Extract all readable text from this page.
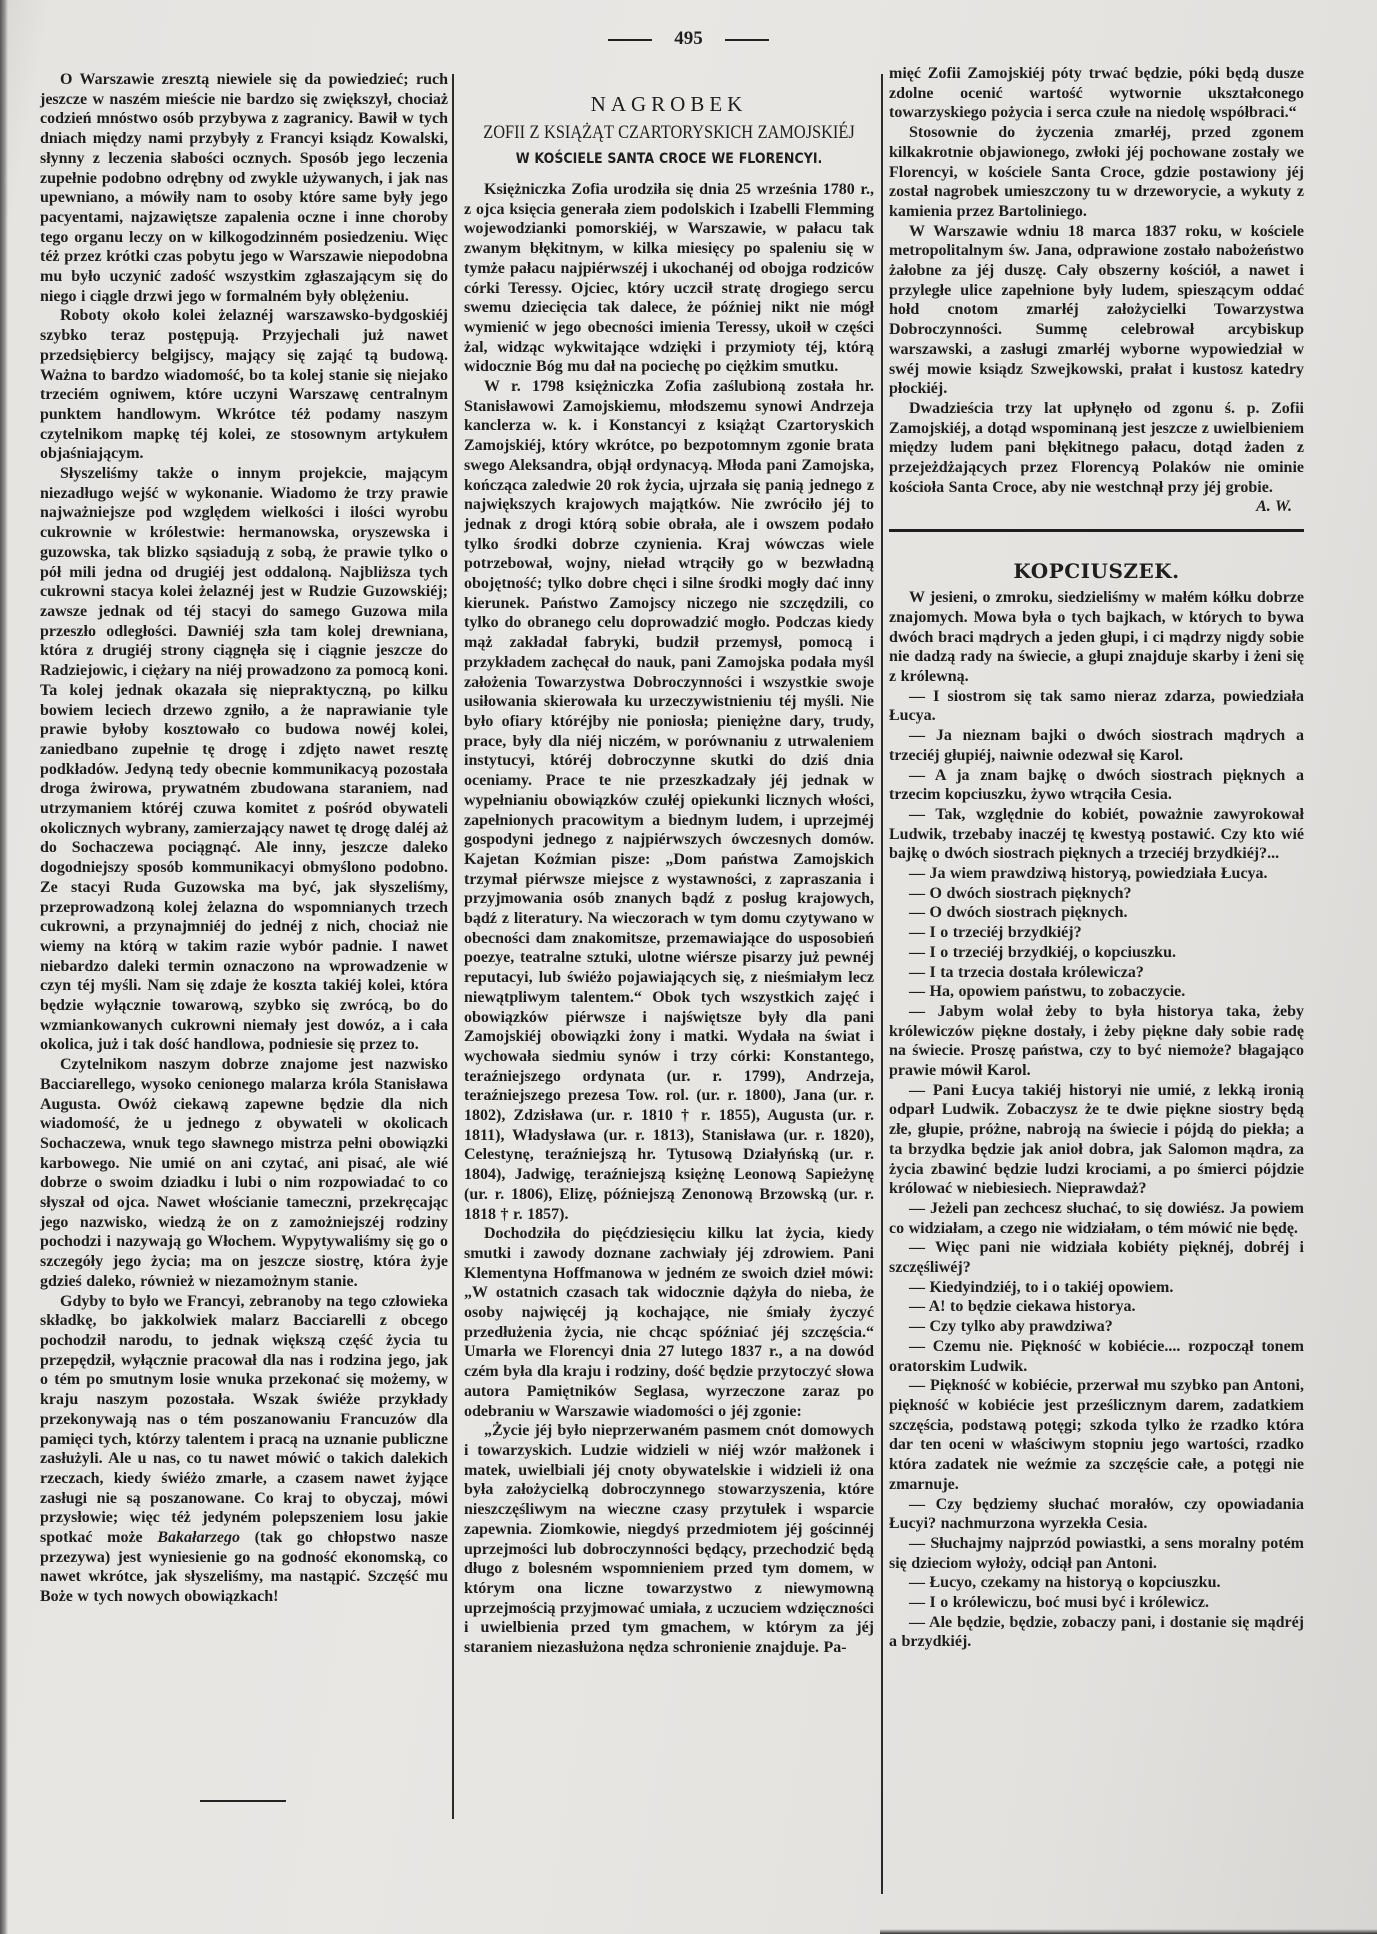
495

O Warszawie zresztą niewiele się da powiedzieć; ruch jeszcze w naszém mieście nie bardzo się zwiększył, chociaż codzień mnóstwo osób przybywa z zagranicy. Bawił w tych dniach między nami przybyły z Francyi ksiądz Kowalski, słynny z leczenia słabości ocznych. Sposób jego leczenia zupełnie podobno odrębny od zwykle używanych, i jak nas upewniano, a mówiły nam to osoby które same były jego pacyentami, najzawiętsze zapalenia oczne i inne choroby tego organu leczy on w kilkogodzinném posiedzeniu. Więc téż przez krótki czas pobytu jego w Warszawie niepodobna mu było uczynić zadość wszystkim zgłaszającym się do niego i ciągle drzwi jego w formalném były oblężeniu.

Roboty około kolei żelaznéj warszawsko-bydgoskiéj szybko teraz postępują. Przyjechali już nawet przedsiębiercy belgijscy, mający się zająć tą budową. Ważna to bardzo wiadomość, bo ta kolej stanie się niejako trzeciém ogniwem, które uczyni Warszawę centralnym punktem handlowym. Wkrótce téż podamy naszym czytelnikom mapkę téj kolei, ze stosownym artykułem objaśniającym.

Słyszeliśmy także o innym projekcie, mającym niezadługo wejść w wykonanie. Wiadomo że trzy prawie najważniejsze pod względem wielkości i ilości wyrobu cukrownie w królestwie: hermanowska, oryszewska i guzowska, tak blizko sąsiadują z sobą, że prawie tylko o pół mili jedna od drugiéj jest oddaloną. Najbliższa tych cukrowni stacya kolei żelaznéj jest w Rudzie Guzowskiéj; zawsze jednak od téj stacyi do samego Guzowa mila przeszło odległości. Dawniéj szła tam kolej drewniana, która z drugiéj strony ciągnęła się i ciągnie jeszcze do Radziejowic, i ciężary na niéj prowadzono za pomocą koni. Ta kolej jednak okazała się niepraktyczną, po kilku bowiem leciech drzewo zgniło, a że naprawianie tyle prawie byłoby kosztowało co budowa nowéj kolei, zaniedbano zupełnie tę drogę i zdjęto nawet resztę podkładów. Jedyną tedy obecnie kommunikacyą pozostała droga żwirowa, prywatném zbudowana staraniem, nad utrzymaniem któréj czuwa komitet z pośród obywateli okolicznych wybrany, zamierzający nawet tę drogę daléj aż do Sochaczewa pociągnąć. Ale inny, jeszcze daleko dogodniejszy sposób kommunikacyi obmyślono podobno. Ze stacyi Ruda Guzowska ma być, jak słyszeliśmy, przeprowadzoną kolej żelazna do wspomnianych trzech cukrowni, a przynajmniéj do jednéj z nich, chociaż nie wiemy na którą w takim razie wybór padnie. I nawet niebardzo daleki termin oznaczono na wprowadzenie w czyn téj myśli. Nam się zdaje że koszta takiéj kolei, która będzie wyłącznie towarową, szybko się zwrócą, bo do wzmiankowanych cukrowni niemały jest dowóz, a i cała okolica, już i tak dość handlowa, podniesie się przez to.

Czytelnikom naszym dobrze znajome jest nazwisko Bacciarellego, wysoko cenionego malarza króla Stanisława Augusta. Owóż ciekawą zapewne będzie dla nich wiadomość, że u jednego z obywateli w okolicach Sochaczewa, wnuk tego sławnego mistrza pełni obowiązki karbowego. Nie umié on ani czytać, ani pisać, ale wié dobrze o swoim dziadku i lubi o nim rozpowiadać to co słyszał od ojca. Nawet włościanie tameczni, przekręcając jego nazwisko, wiedzą że on z zamożniejszéj rodziny pochodzi i nazywają go Włochem. Wypytywaliśmy się go o szczegóły jego życia; ma on jeszcze siostrę, która żyje gdzieś daleko, również w niezamożnym stanie.

Gdyby to było we Francyi, zebranoby na tego człowieka składkę, bo jakkolwiek malarz Bacciarelli z obcego pochodził narodu, to jednak większą część życia tu przepędził, wyłącznie pracował dla nas i rodzina jego, jak o tém po smutnym losie wnuka przekonać się możemy, w kraju naszym pozostała. Wszak świéże przykłady przekonywają nas o tém poszanowaniu Francuzów dla pamięci tych, którzy talentem i pracą na uznanie publiczne zasłużyli. Ale u nas, co tu nawet mówić o takich dalekich rzeczach, kiedy świéżo zmarłe, a czasem nawet żyjące zasługi nie są poszanowane. Co kraj to obyczaj, mówi przysłowie; więc téż jedyném polepszeniem losu jakie spotkać może Bakałarzego (tak go chłopstwo nasze przezywa) jest wyniesienie go na godność ekonomską, co nawet wkrótce, jak słyszeliśmy, ma nastąpić. Szczęść mu Boże w tych nowych obowiązkach!

NAGROBEK
ZOFII Z KSIĄŻĄT CZARTORYSKICH ZAMOJSKIÉJ
W KOŚCIELE SANTA CROCE WE FLORENCYI.

Księżniczka Zofia urodziła się dnia 25 września 1780 r., z ojca księcia generała ziem podolskich i Izabelli Flemming wojewodzianki pomorskiéj, w Warszawie, w pałacu tak zwanym błękitnym, w kilka miesięcy po spaleniu się w tymże pałacu najpiérwszéj i ukochanéj od obojga rodziców córki Teressy. Ojciec, który uczcił stratę drogiego sercu swemu dziecięcia tak dalece, że później nikt nie mógł wymienić w jego obecności imienia Teressy, ukoił w części żal, widząc wykwitające wdzięki i przymioty téj, którą widocznie Bóg mu dał na pociechę po ciężkim smutku.

W r. 1798 księżniczka Zofia zaślubioną została hr. Stanisławowi Zamojskiemu, młodszemu synowi Andrzeja kanclerza w. k. i Konstancyi z książąt Czartoryskich Zamojskiéj, który wkrótce, po bezpotomnym zgonie brata swego Aleksandra, objął ordynacyą. Młoda pani Zamojska, kończąca zaledwie 20 rok życia, ujrzała się panią jednego z największych krajowych majątków. Nie zwróciło jéj to jednak z drogi którą sobie obrała, ale i owszem podało tylko środki dobrze czynienia. Kraj wówczas wiele potrzebował, wojny, nieład wtrąciły go w bezwładną obojętność; tylko dobre chęci i silne środki mogły dać inny kierunek. Państwo Zamojscy niczego nie szczędzili, co tylko do obranego celu doprowadzić mogło. Podczas kiedy mąż zakładał fabryki, budził przemysł, pomocą i przykładem zachęcał do nauk, pani Zamojska podała myśl założenia Towarzystwa Dobroczynności i wszystkie swoje usiłowania skierowała ku urzeczywistnieniu téj myśli. Nie było ofiary któréjby nie poniosła; pieniężne dary, trudy, prace, były dla niéj niczém, w porównaniu z utrwaleniem instytucyi, któréj dobroczynne skutki do dziś dnia oceniamy. Prace te nie przeszkadzały jéj jednak w wypełnianiu obowiązków czułéj opiekunki licznych włości, zapełnionych pracowitym a biednym ludem, i uprzejméj gospodyni jednego z najpiérwszych ówczesnych domów. Kajetan Koźmian pisze: „Dom państwa Zamojskich trzymał piérwsze miejsce z wystawności, z zapraszania i przyjmowania osób znanych bądź z posług krajowych, bądź z literatury. Na wieczorach w tym domu czytywano w obecności dam znakomitsze, przemawiające do usposobień poezye, teatralne sztuki, ulotne wiérsze pisarzy już pewnéj reputacyi, lub świéżo pojawiających się, z nieśmiałym lecz niewątpliwym talentem.“ Obok tych wszystkich zajęć i obowiązków piérwsze i najświętsze były dla pani Zamojskiéj obowiązki żony i matki. Wydała na świat i wychowała siedmiu synów i trzy córki: Konstantego, teraźniejszego ordynata (ur. r. 1799), Andrzeja, teraźniejszego prezesa Tow. rol. (ur. r. 1800), Jana (ur. r. 1802), Zdzisława (ur. r. 1810 † r. 1855), Augusta (ur. r. 1811), Władysława (ur. r. 1813), Stanisława (ur. r. 1820), Celestynę, teraźniejszą hr. Tytusową Działyńską (ur. r. 1804), Jadwigę, teraźniejszą księżnę Leonową Sapieżynę (ur. r. 1806), Elizę, późniejszą Zenonową Brzowską (ur. r. 1818 † r. 1857).

Dochodziła do pięćdziesięciu kilku lat życia, kiedy smutki i zawody doznane zachwiały jéj zdrowiem. Pani Klementyna Hoffmanowa w jedném ze swoich dzieł mówi: „W ostatnich czasach tak widocznie dążyła do nieba, że osoby najwięcéj ją kochające, nie śmiały życzyć przedłużenia życia, nie chcąc spóźniać jéj szczęścia.“ Umarła we Florencyi dnia 27 lutego 1837 r., a na dowód czém była dla kraju i rodziny, dość będzie przytoczyć słowa autora Pamiętników Seglasa, wyrzeczone zaraz po odebraniu w Warszawie wiadomości o jéj zgonie:

„Życie jéj było nieprzerwaném pasmem cnót domowych i towarzyskich. Ludzie widzieli w niéj wzór małżonek i matek, uwielbiali jéj cnoty obywatelskie i widzieli iż ona była założycielką dobroczynnego stowarzyszenia, które nieszczęśliwym na wieczne czasy przytułek i wsparcie zapewnia. Ziomkowie, niegdyś przedmiotem jéj gościnnéj uprzejmości lub dobroczynności będący, przechodzić będą długo z bolesném wspomnieniem przed tym domem, w którym ona liczne towarzystwo z niewymowną uprzejmością przyjmować umiała, z uczuciem wdzięczności i uwielbienia przed tym gmachem, w którym za jéj staraniem niezasłużona nędza schronienie znajduje. Pa-

mięć Zofii Zamojskiéj póty trwać będzie, póki będą dusze zdolne ocenić wartość wytwornie ukształconego towarzyskiego pożycia i serca czułe na niedolę współbraci.“

Stosownie do życzenia zmarłéj, przed zgonem kilkakrotnie objawionego, zwłoki jéj pochowane zostały we Florencyi, w kościele Santa Croce, gdzie postawiony jéj został nagrobek umieszczony tu w drzeworycie, a wykuty z kamienia przez Bartoliniego.

W Warszawie wdniu 18 marca 1837 roku, w kościele metropolitalnym św. Jana, odprawione zostało nabożeństwo żałobne za jéj duszę. Cały obszerny kościół, a nawet i przyległe ulice zapełnione były ludem, spieszącym oddać hołd cnotom zmarłéj założycielki Towarzystwa Dobroczynności. Summę celebrował arcybiskup warszawski, a zasługi zmarłéj wyborne wypowiedział w swéj mowie ksiądz Szwejkowski, prałat i kustosz katedry płockiéj.

Dwadzieścia trzy lat upłynęło od zgonu ś. p. Zofii Zamojskiéj, a dotąd wspominaną jest jeszcze z uwielbieniem między ludem pani błękitnego pałacu, dotąd żaden z przejeżdżających przez Florencyą Polaków nie ominie kościoła Santa Croce, aby nie westchnął przy jéj grobie.
A. W.

KOPCIUSZEK.

W jesieni, o zmroku, siedzieliśmy w małém kółku dobrze znajomych. Mowa była o tych bajkach, w których to bywa dwóch braci mądrych a jeden głupi, i ci mądrzy nigdy sobie nie dadzą rady na świecie, a głupi znajduje skarby i żeni się z królewną.

— I siostrom się tak samo nieraz zdarza, powiedziała Łucya.

— Ja nieznam bajki o dwóch siostrach mądrych a trzeciéj głupiéj, naiwnie odezwał się Karol.

— A ja znam bajkę o dwóch siostrach pięknych a trzecim kopciuszku, żywo wtrąciła Cesia.

— Tak, względnie do kobiét, poważnie zawyrokował Ludwik, trzebaby inaczéj tę kwestyą postawić. Czy kto wié bajkę o dwóch siostrach pięknych a trzeciéj brzydkiéj?...

— Ja wiem prawdziwą historyą, powiedziała Łucya.

— O dwóch siostrach pięknych?

— O dwóch siostrach pięknych.

— I o trzeciéj brzydkiéj?

— I o trzeciéj brzydkiéj, o kopciuszku.

— I ta trzecia dostała królewicza?

— Ha, opowiem państwu, to zobaczycie.

— Jabym wolał żeby to była historya taka, żeby królewiczów piękne dostały, i żeby piękne dały sobie radę na świecie. Proszę państwa, czy to być niemoże? błagająco prawie mówił Karol.

— Pani Łucya takiéj historyi nie umié, z lekką ironią odparł Ludwik. Zobaczysz że te dwie piękne siostry będą złe, głupie, próżne, nabroją na świecie i pójdą do piekła; a ta brzydka będzie jak anioł dobra, jak Salomon mądra, za życia zbawinć będzie ludzi krociami, a po śmierci pójdzie królować w niebiesiech. Nieprawdaż?

— Jeżeli pan zechcesz słuchać, to się dowiész. Ja powiem co widziałam, a czego nie widziałam, o tém mówić nie będę.

— Więc pani nie widziała kobiéty pięknéj, dobréj i szczęśliwéj?

— Kiedyindziéj, to i o takiéj opowiem.

— A! to będzie ciekawa historya.

— Czy tylko aby prawdziwa?

— Czemu nie. Piękność w kobiécie.... rozpoczął tonem oratorskim Ludwik.

— Piękność w kobiécie, przerwał mu szybko pan Antoni, piękność w kobiécie jest prześlicznym darem, zadatkiem szczęścia, podstawą potęgi; szkoda tylko że rzadko która dar ten oceni w właściwym stopniu jego wartości, rzadko która zadatek nie weźmie za szczęście całe, a potęgi nie zmarnuje.

— Czy będziemy słuchać morałów, czy opowiadania Łucyi? nachmurzona wyrzekła Cesia.

— Słuchajmy najprzód powiastki, a sens moralny potém się dzieciom wyłoży, odciął pan Antoni.

— Łucyo, czekamy na historyą o kopciuszku.

— I o królewiczu, boć musi być i królewicz.

— Ale będzie, będzie, zobaczy pani, i dostanie się mądréj a brzydkiéj.
